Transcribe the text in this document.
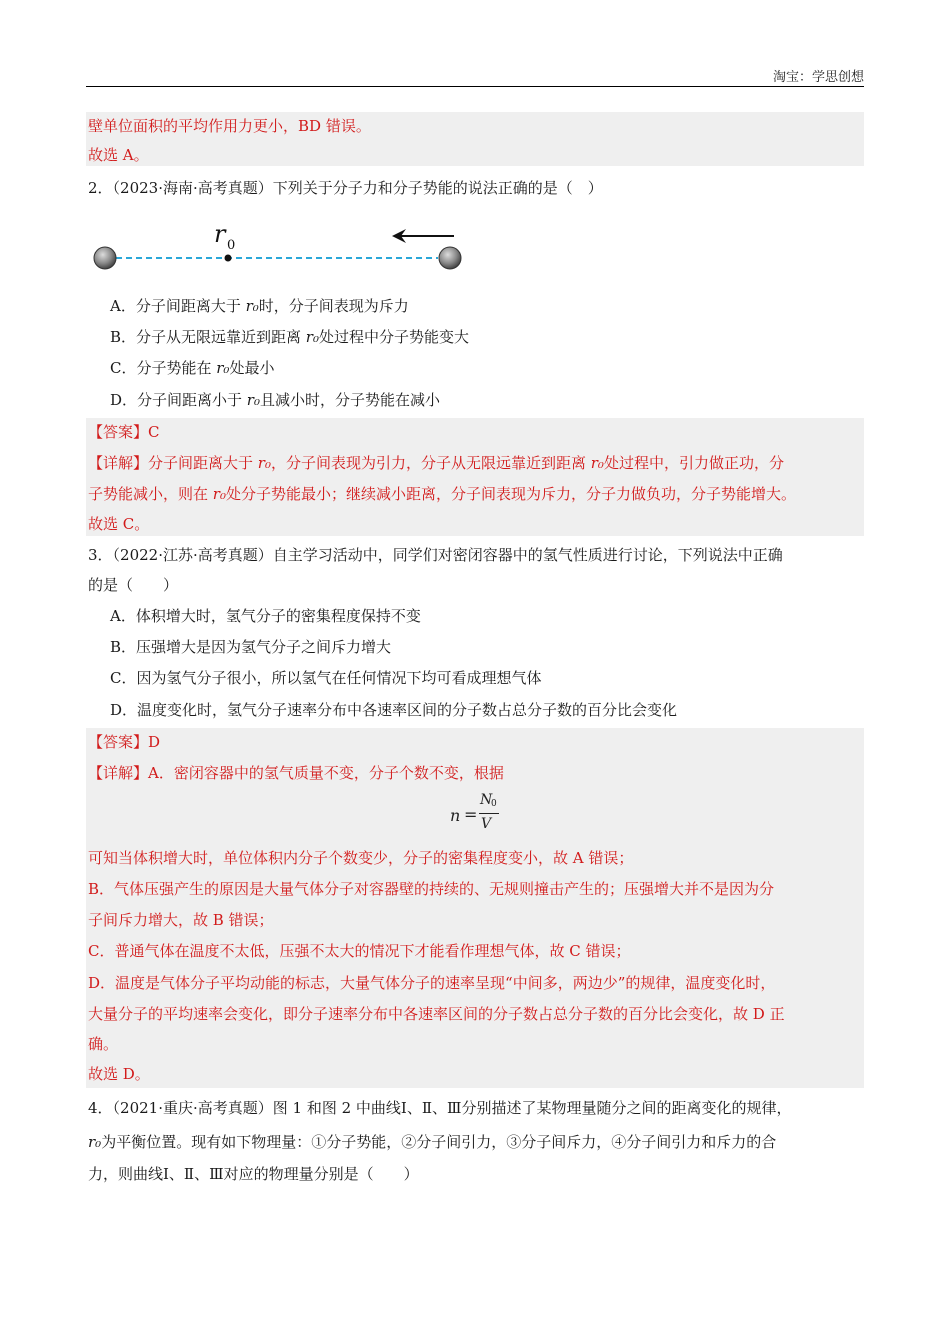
淘宝：学思创想
壁单位面积的平均作用力更小，BD 错误。
故选 A。
2．（2023·海南·高考真题）下列关于分子力和分子势能的说法正确的是（　）
r 0
A．分子间距离大于 r₀时，分子间表现为斥力
B．分子从无限远靠近到距离 r₀处过程中分子势能变大
C．分子势能在 r₀处最小
D．分子间距离小于 r₀且减小时，分子势能在减小
【答案】C
【详解】分子间距离大于 r₀，分子间表现为引力，分子从无限远靠近到距离 r₀处过程中，引力做正功，分
子势能减小，则在 r₀处分子势能最小；继续减小距离，分子间表现为斥力，分子力做负功，分子势能增大。
故选 C。
3．（2022·江苏·高考真题）自主学习活动中，同学们对密闭容器中的氢气性质进行讨论，下列说法中正确
的是（　　）
A．体积增大时，氢气分子的密集程度保持不变
B．压强增大是因为氢气分子之间斥力增大
C．因为氢气分子很小，所以氢气在任何情况下均可看成理想气体
D．温度变化时，氢气分子速率分布中各速率区间的分子数占总分子数的百分比会变化
【答案】D
【详解】A．密闭容器中的氢气质量不变，分子个数不变，根据
n =
N
0
V
可知当体积增大时，单位体积内分子个数变少，分子的密集程度变小，故 A 错误；
B．气体压强产生的原因是大量气体分子对容器壁的持续的、无规则撞击产生的；压强增大并不是因为分
子间斥力增大，故 B 错误；
C．普通气体在温度不太低，压强不太大的情况下才能看作理想气体，故 C 错误；
D．温度是气体分子平均动能的标志，大量气体分子的速率呈现“中间多，两边少”的规律，温度变化时，
大量分子的平均速率会变化，即分子速率分布中各速率区间的分子数占总分子数的百分比会变化，故 D 正
确。
故选 D。
4．（2021·重庆·高考真题）图 1 和图 2 中曲线Ⅰ、Ⅱ、Ⅲ分别描述了某物理量随分之间的距离变化的规律，
r₀为平衡位置。现有如下物理量：①分子势能，②分子间引力，③分子间斥力，④分子间引力和斥力的合
力，则曲线Ⅰ、Ⅱ、Ⅲ对应的物理量分别是（　　）
